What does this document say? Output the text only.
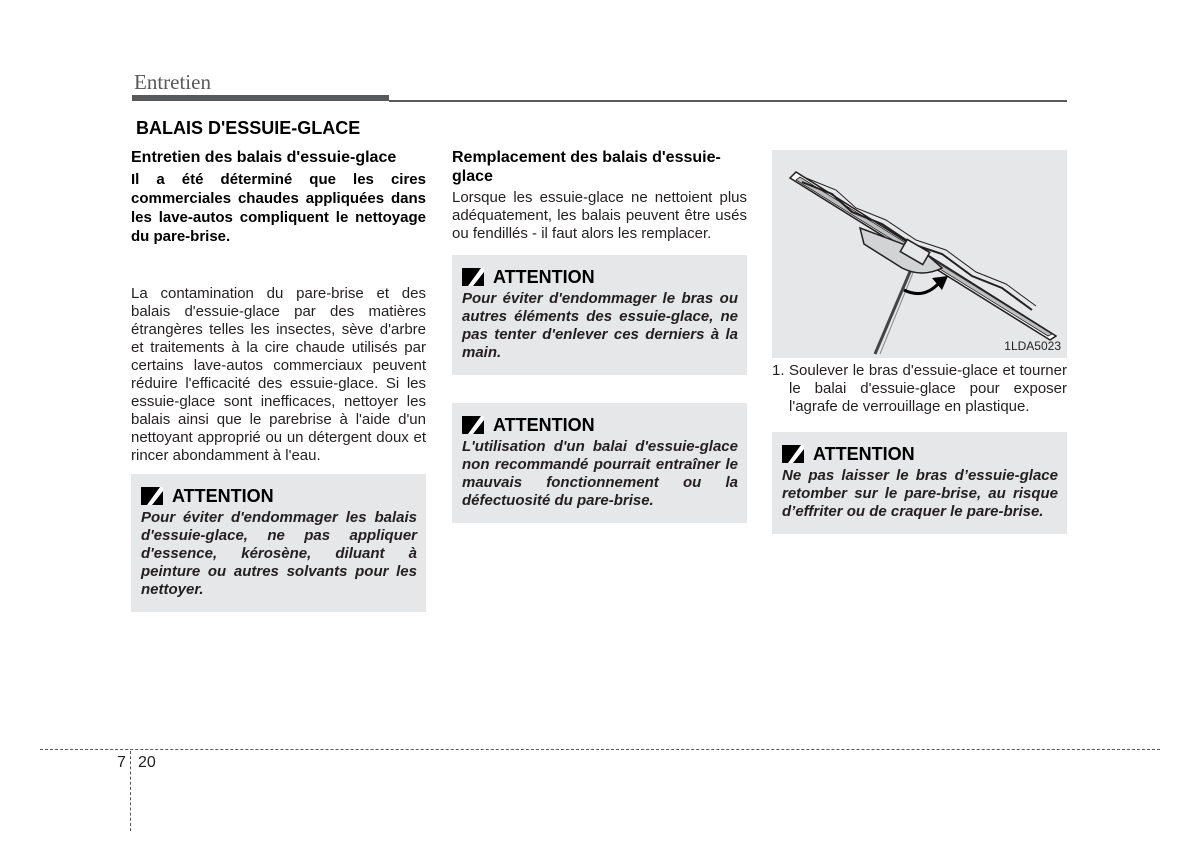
Entretien
BALAIS D'ESSUIE-GLACE

Entretien des balais d'essuie-glace

Il a été déterminé que les cires commerciales chaudes appliquées dans les lave-autos compliquent le nettoyage du pare-brise.

La contamination du pare-brise et des balais d'essuie-glace par des matières étrangères telles les insectes, sève d'arbre et traitements à la cire chaude utilisés par certains lave-autos commerciaux peuvent réduire l'efficacité des essuie-glace. Si les essuie-glace sont inefficaces, nettoyer les balais ainsi que le parebrise à l'aide d'un nettoyant approprié ou un détergent doux et rincer abondamment à l'eau.

ATTENTION
Pour éviter d'endommager les balais d'essuie-glace, ne pas appliquer d'essence, kérosène, diluant à peinture ou autres solvants pour les nettoyer.

Remplacement des balais d'essuie-glace

Lorsque les essuie-glace ne nettoient plus adéquatement, les balais peuvent être usés ou fendillés - il faut alors les remplacer.

ATTENTION
Pour éviter d'endommager le bras ou autres éléments des essuie-glace, ne pas tenter d'enlever ces derniers à la main.
ATTENTION
L'utilisation d'un balai d'essuie-glace non recommandé pourrait entraîner le mauvais fonctionnement ou la défectuosité du pare-brise.
1LDA5023
1. Soulever le bras d'essuie-glace et tourner le balai d'essuie-glace pour exposer l'agrafe de verrouillage en plastique.
ATTENTION
Ne pas laisser le bras d’essuie-glace retomber sur le pare-brise, au risque d’effriter ou de craquer le pare-brise.
7 20
